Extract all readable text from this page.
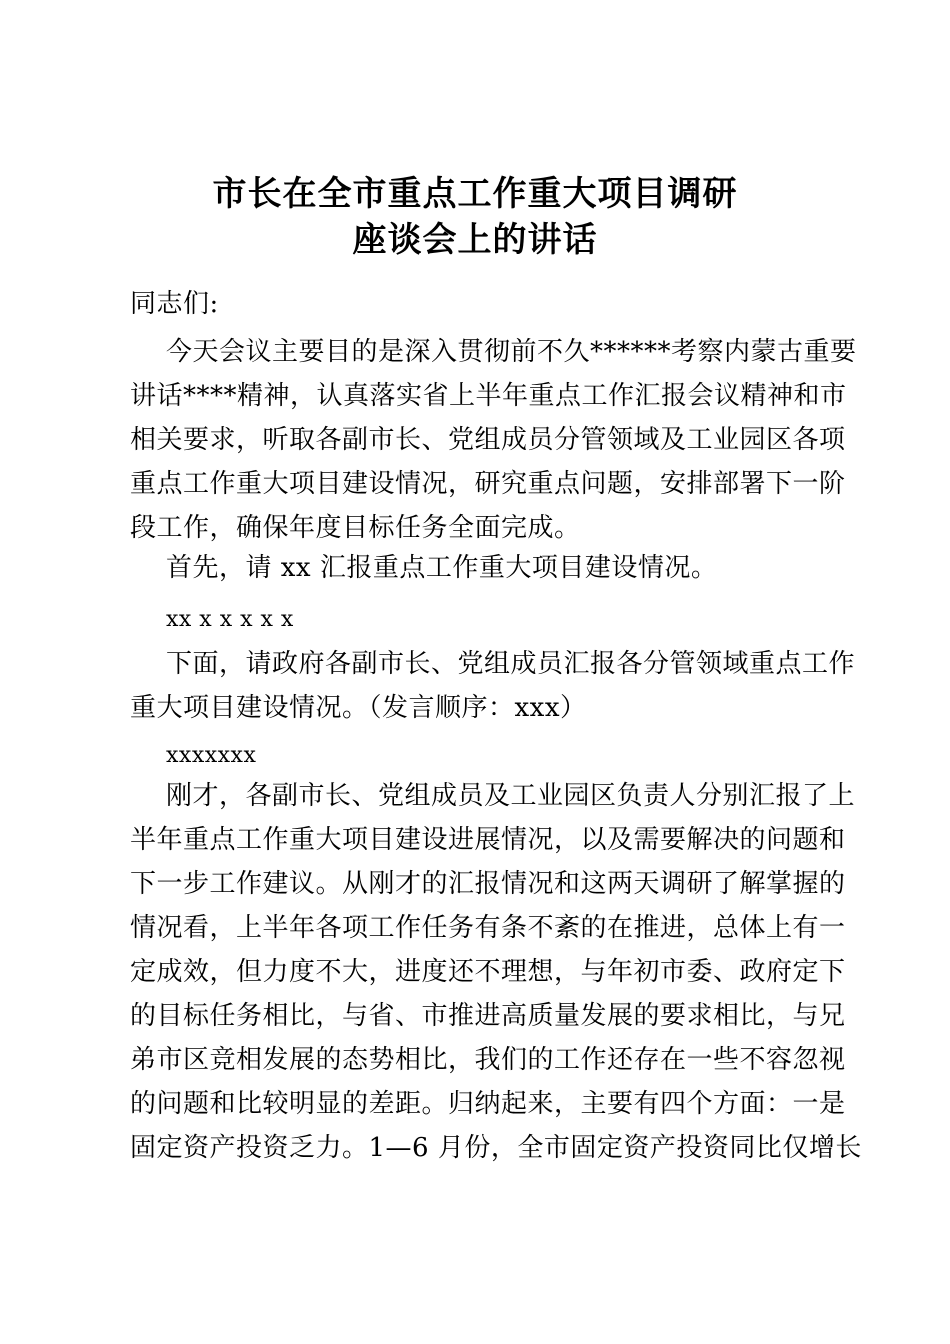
市长在全市重点工作重大项目调研
座谈会上的讲话
同志们:
今天会议主要目的是深入贯彻前不久******考察内蒙古重要
讲话****精神，认真落实省上半年重点工作汇报会议精神和市
相关要求，听取各副市长、党组成员分管领域及工业园区各项
重点工作重大项目建设情况，研究重点问题，安排部署下一阶
段工作，确保年度目标任务全面完成。
首先，请 xx 汇报重点工作重大项目建设情况。
xx x x x x x
下面，请政府各副市长、党组成员汇报各分管领域重点工作
重大项目建设情况。（发言顺序：xxx）
xxxxxxx
刚才，各副市长、党组成员及工业园区负责人分别汇报了上
半年重点工作重大项目建设进展情况，以及需要解决的问题和
下一步工作建议。从刚才的汇报情况和这两天调研了解掌握的
情况看，上半年各项工作任务有条不紊的在推进，总体上有一
定成效，但力度不大，进度还不理想，与年初市委、政府定下
的目标任务相比，与省、市推进高质量发展的要求相比，与兄
弟市区竞相发展的态势相比，我们的工作还存在一些不容忽视
的问题和比较明显的差距。归纳起来，主要有四个方面：一是
固定资产投资乏力。1—6 月份，全市固定资产投资同比仅增长
